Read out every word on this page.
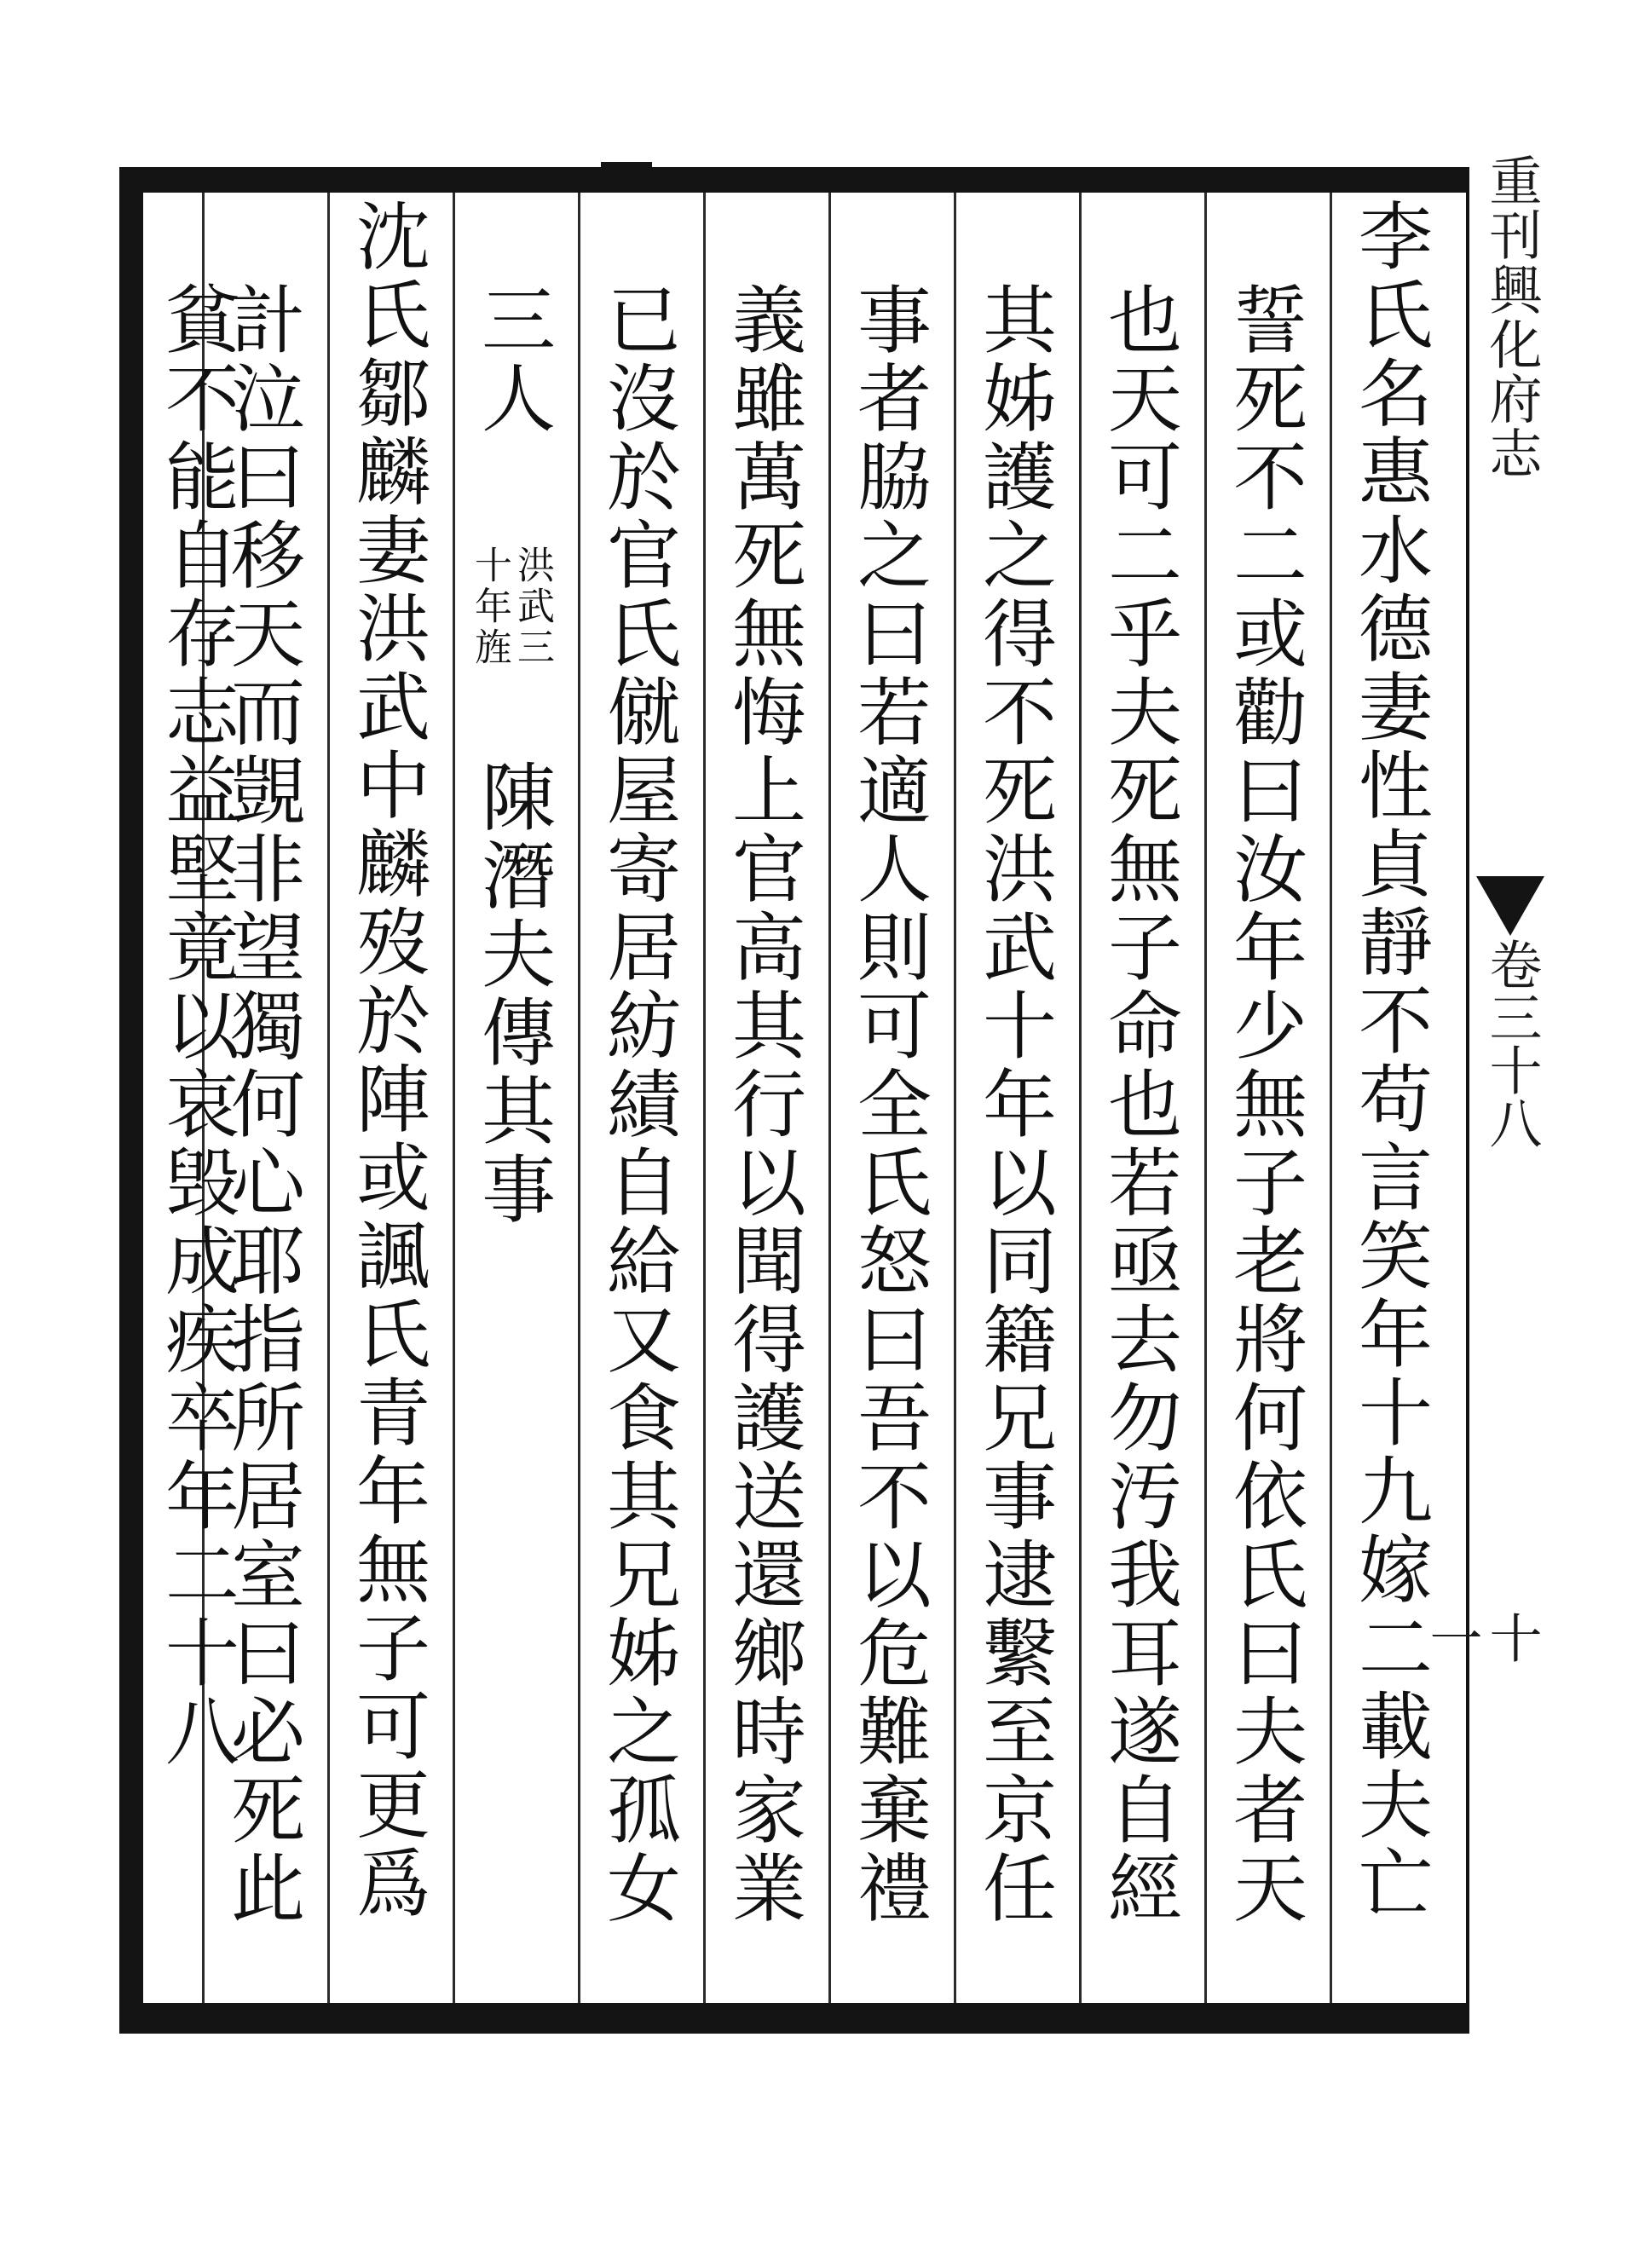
重刊興化府志
卷三十八
十一
李氏名惠水德妻性貞靜不苟言笑年十九嫁二載夫亡
誓死不二或勸曰汝年少無子老將何依氏曰夫者天
也天可二乎夫死無子命也若亟去勿汚我耳遂自經
其姊護之得不死洪武十年以同籍兄事逮繫至京任
事者脇之曰若適人則可全氏怒曰吾不以危難棄禮
義雖萬死無悔上官高其行以聞得護送還鄉時家業
已沒於官氏僦屋寄居紡績自給又食其兄姊之孤女
三人
洪武三
十年旌
陳潛夫傳其事
沈氏鄒麟妻洪武中麟歿於陣或諷氏青年無子可更爲
計泣曰移天而覬非望獨何心耶指所居室曰必死此
貧不能自存志益堅竟以哀毁成疾卒年二十八
